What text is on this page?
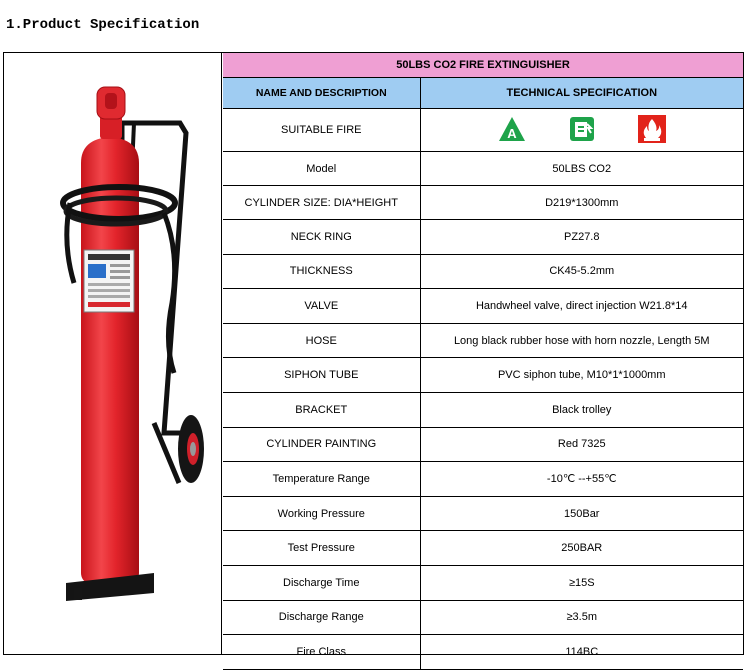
1.Product Specification
50LBS CO2 FIRE EXTINGUISHER	
NAME AND DESCRIPTION	TECHNICAL SPECIFICATION
SUITABLE FIRE	A

Model	50LBS CO2
CYLINDER SIZE: DIA*HEIGHT	D219*1300mm
NECK RING	PZ27.8
THICKNESS	CK45-5.2mm
VALVE	Handwheel valve, direct injection W21.8*14
HOSE	Long black rubber hose with horn nozzle, Length 5M
SIPHON TUBE	PVC siphon tube, M10*1*1000mm
BRACKET	Black trolley
CYLINDER PAINTING	Red 7325
Temperature Range	-10℃ --+55℃
Working Pressure	150Bar
Test Pressure	250BAR
Discharge Time	≥15S
Discharge Range	≥3.5m
Fire Class	114BC
